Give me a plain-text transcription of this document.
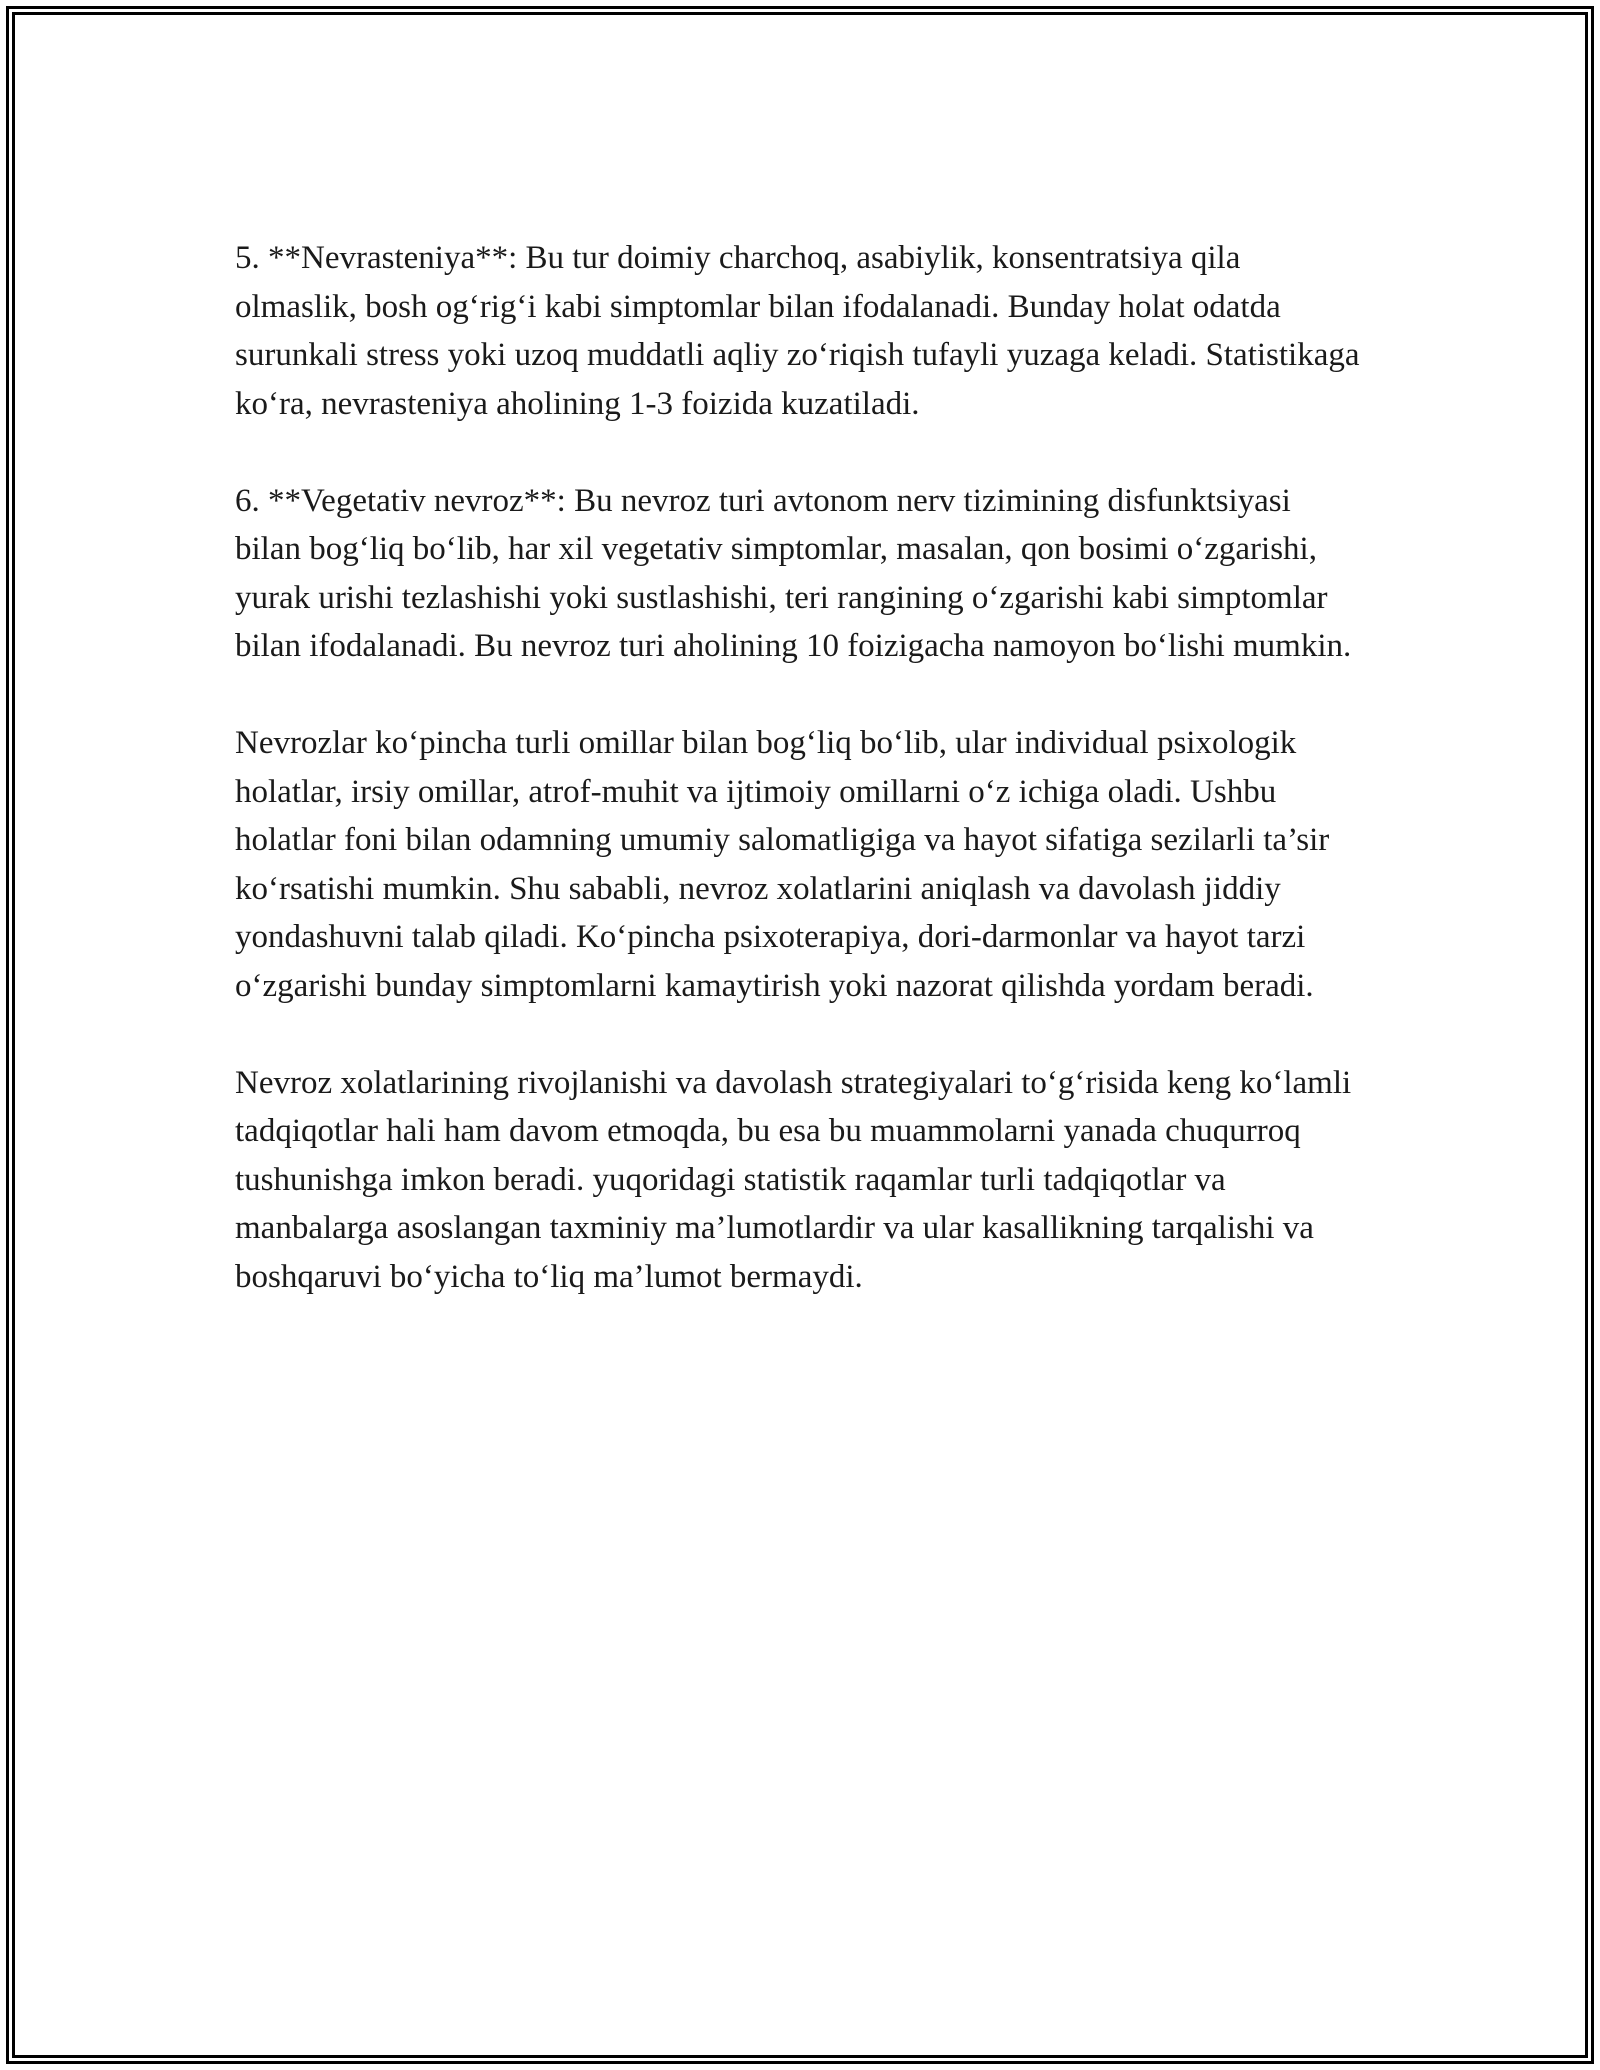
5. **Nevrasteniya**: Bu tur doimiy charchoq, asabiylik, konsentratsiya qila olmaslik, bosh og‘rig‘i kabi simptomlar bilan ifodalanadi. Bunday holat odatda surunkali stress yoki uzoq muddatli aqliy zo‘riqish tufayli yuzaga keladi. Statistikaga ko‘ra, nevrasteniya aholining 1-3 foizida kuzatiladi.

6. **Vegetativ nevroz**: Bu nevroz turi avtonom nerv tizimining disfunktsiyasi bilan bog‘liq bo‘lib, har xil vegetativ simptomlar, masalan, qon bosimi o‘zgarishi, yurak urishi tezlashishi yoki sustlashishi, teri rangining o‘zgarishi kabi simptomlar bilan ifodalanadi. Bu nevroz turi aholining 10 foizigacha namoyon bo‘lishi mumkin.

Nevrozlar ko‘pincha turli omillar bilan bog‘liq bo‘lib, ular individual psixologik holatlar, irsiy omillar, atrof-muhit va ijtimoiy omillarni o‘z ichiga oladi. Ushbu holatlar foni bilan odamning umumiy salomatligiga va hayot sifatiga sezilarli ta’sir ko‘rsatishi mumkin. Shu sababli, nevroz xolatlarini aniqlash va davolash jiddiy yondashuvni talab qiladi. Ko‘pincha psixoterapiya, dori-darmonlar va hayot tarzi o‘zgarishi bunday simptomlarni kamaytirish yoki nazorat qilishda yordam beradi.

Nevroz xolatlarining rivojlanishi va davolash strategiyalari to‘g‘risida keng ko‘lamli tadqiqotlar hali ham davom etmoqda, bu esa bu muammolarni yanada chuqurroq tushunishga imkon beradi. yuqoridagi statistik raqamlar turli tadqiqotlar va manbalarga asoslangan taxminiy ma’lumotlardir va ular kasallikning tarqalishi va boshqaruvi bo‘yicha to‘liq ma’lumot bermaydi.
